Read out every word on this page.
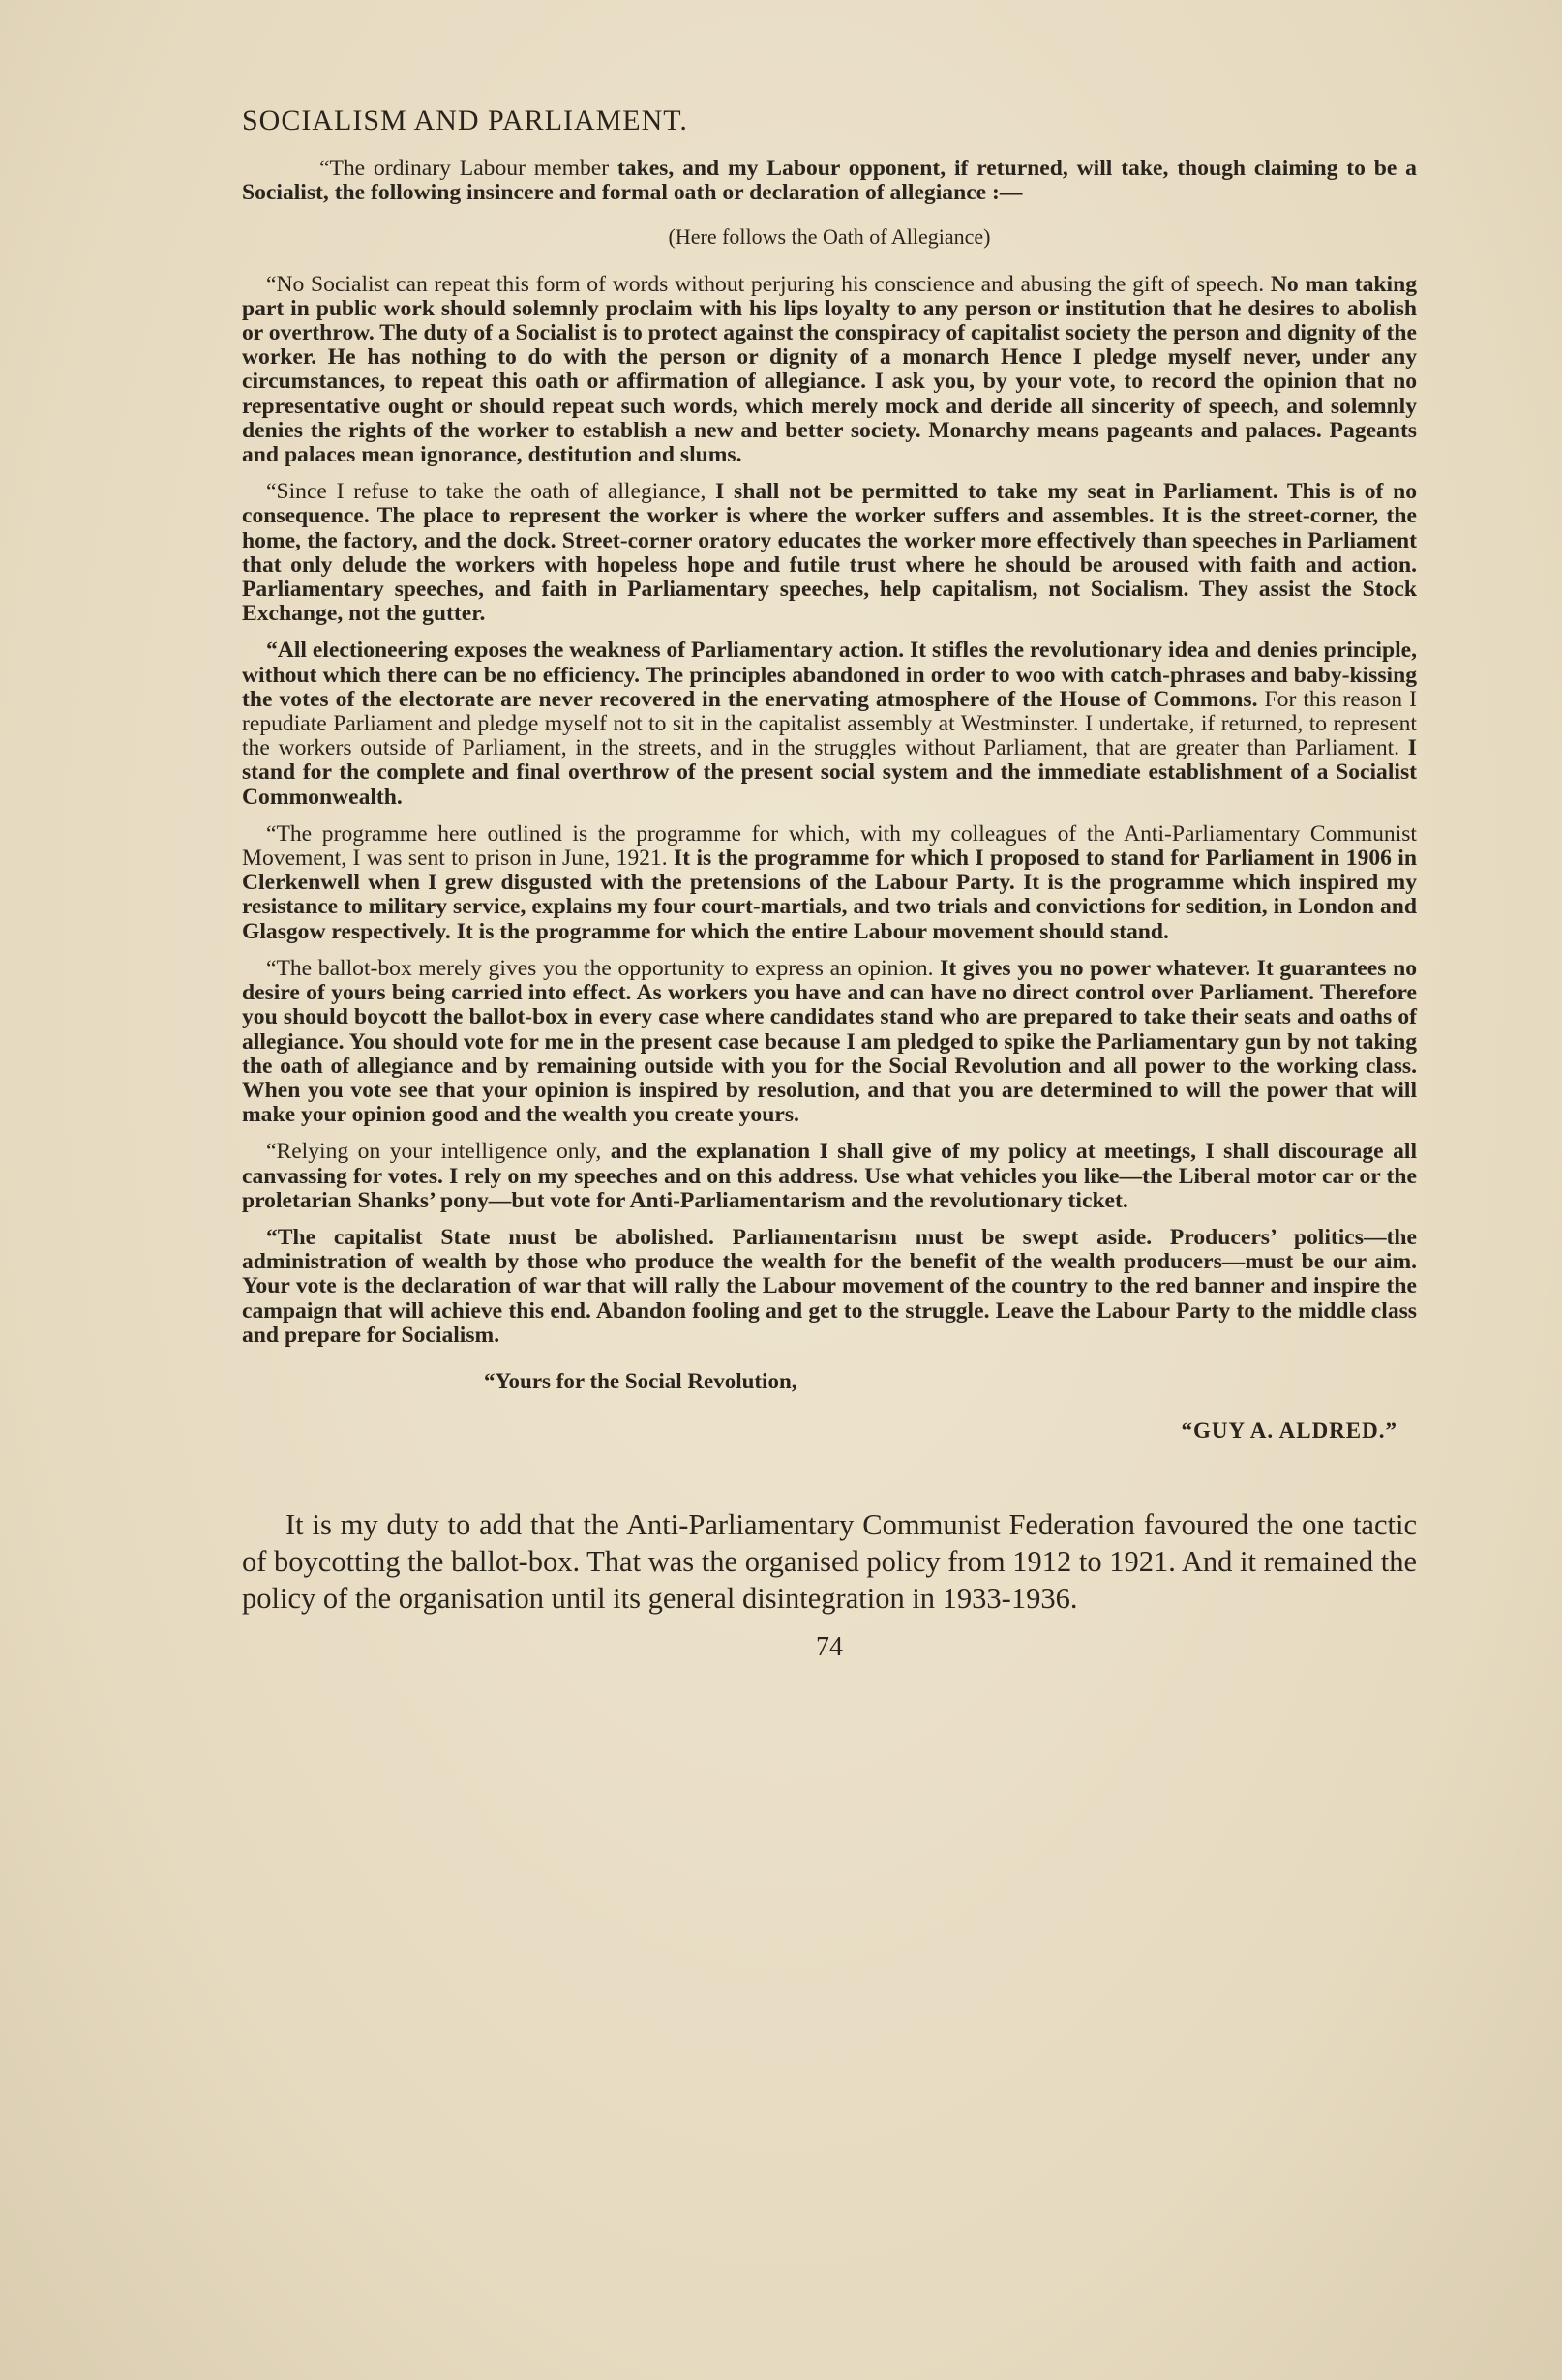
SOCIALISM AND PARLIAMENT.

“The ordinary Labour member takes, and my Labour opponent, if returned, will take, though claiming to be a Socialist, the following insincere and formal oath or declaration of allegiance :—

(Here follows the Oath of Allegiance)

“No Socialist can repeat this form of words without perjuring his conscience and abusing the gift of speech. No man taking part in public work should solemnly proclaim with his lips loyalty to any person or institution that he desires to abolish or overthrow. The duty of a Socialist is to protect against the conspiracy of capitalist society the person and dignity of the worker. He has nothing to do with the person or dignity of a monarch Hence I pledge myself never, under any circumstances, to repeat this oath or affirmation of allegiance. I ask you, by your vote, to record the opinion that no representative ought or should repeat such words, which merely mock and deride all sincerity of speech, and solemnly denies the rights of the worker to establish a new and better society. Monarchy means pageants and palaces. Pageants and palaces mean ignorance, destitution and slums.

“Since I refuse to take the oath of allegiance, I shall not be permitted to take my seat in Parliament. This is of no consequence. The place to represent the worker is where the worker suffers and assembles. It is the street-corner, the home, the factory, and the dock. Street-corner oratory educates the worker more effectively than speeches in Parliament that only delude the workers with hopeless hope and futile trust where he should be aroused with faith and action. Parliamentary speeches, and faith in Parliamentary speeches, help capitalism, not Socialism. They assist the Stock Exchange, not the gutter.

“All electioneering exposes the weakness of Parliamentary action. It stifles the revolutionary idea and denies principle, without which there can be no efficiency. The principles abandoned in order to woo with catch-phrases and baby-kissing the votes of the electorate are never recovered in the enervating atmosphere of the House of Commons. For this reason I repudiate Parliament and pledge myself not to sit in the capitalist assembly at Westminster. I undertake, if returned, to represent the workers outside of Parliament, in the streets, and in the struggles without Parliament, that are greater than Parliament. I stand for the complete and final overthrow of the present social system and the immediate establishment of a Socialist Commonwealth.

“The programme here outlined is the programme for which, with my colleagues of the Anti-Parliamentary Communist Movement, I was sent to prison in June, 1921. It is the programme for which I proposed to stand for Parliament in 1906 in Clerkenwell when I grew disgusted with the pretensions of the Labour Party. It is the programme which inspired my resistance to military service, explains my four court-martials, and two trials and convictions for sedition, in London and Glasgow respectively. It is the programme for which the entire Labour movement should stand.

“The ballot-box merely gives you the opportunity to express an opinion. It gives you no power whatever. It guarantees no desire of yours being carried into effect. As workers you have and can have no direct control over Parliament. Therefore you should boycott the ballot-box in every case where candidates stand who are prepared to take their seats and oaths of allegiance. You should vote for me in the present case because I am pledged to spike the Parliamentary gun by not taking the oath of allegiance and by remaining outside with you for the Social Revolution and all power to the working class. When you vote see that your opinion is inspired by resolution, and that you are determined to will the power that will make your opinion good and the wealth you create yours.

“Relying on your intelligence only, and the explanation I shall give of my policy at meetings, I shall discourage all canvassing for votes. I rely on my speeches and on this address. Use what vehicles you like—the Liberal motor car or the proletarian Shanks’ pony—but vote for Anti-Parliamentarism and the revolutionary ticket.

“The capitalist State must be abolished. Parliamentarism must be swept aside. Producers’ politics—the administration of wealth by those who produce the wealth for the benefit of the wealth producers—must be our aim. Your vote is the declaration of war that will rally the Labour movement of the country to the red banner and inspire the campaign that will achieve this end. Abandon fooling and get to the struggle. Leave the Labour Party to the middle class and prepare for Socialism.

“Yours for the Social Revolution,
“GUY A. ALDRED.”

It is my duty to add that the Anti-Parliamentary Communist Federation favoured the one tactic of boycotting the ballot-box. That was the organised policy from 1912 to 1921. And it remained the policy of the organisation until its general disintegration in 1933-1936.

74
